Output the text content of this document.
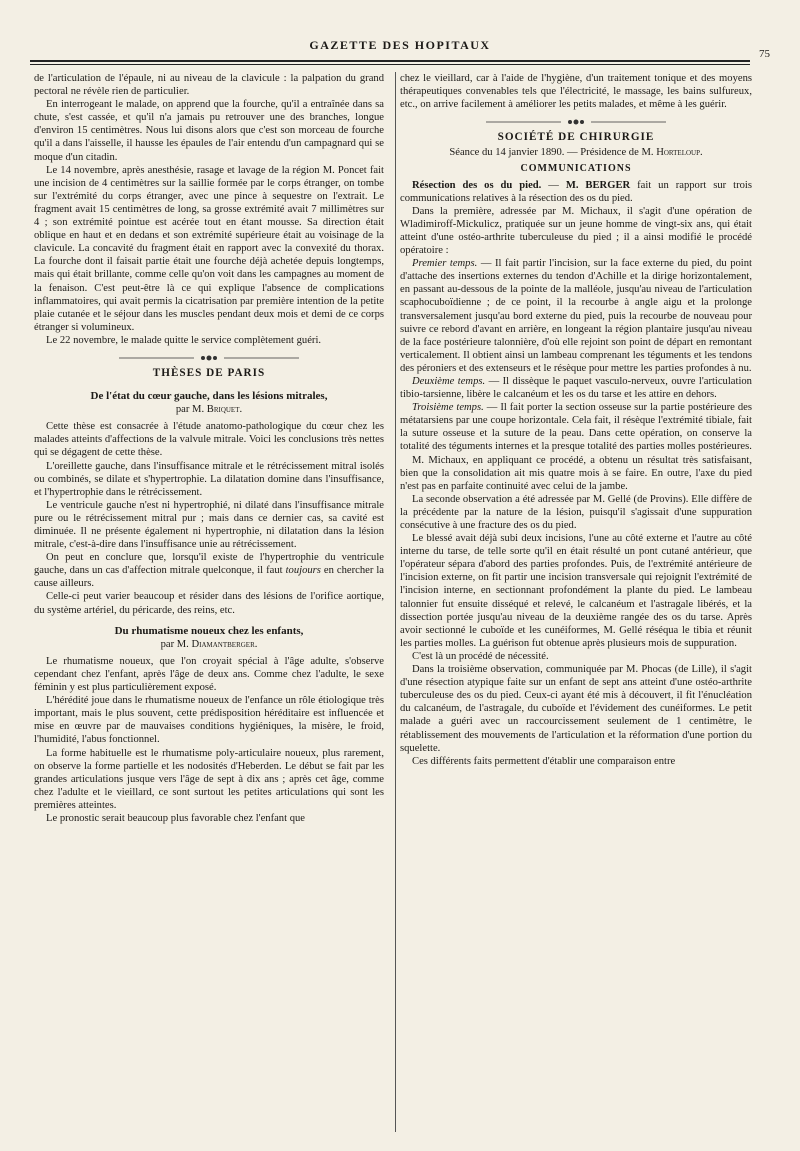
GAZETTE DES HOPITAUX
75

de l'articulation de l'épaule, ni au niveau de la clavicule : la palpation du grand pectoral ne révèle rien de particulier.

En interrogeant le malade, on apprend que la fourche, qu'il a entraînée dans sa chute, s'est cassée, et qu'il n'a jamais pu retrouver une des branches, longue d'environ 15 centimètres. Nous lui disons alors que c'est son morceau de fourche qu'il a dans l'aisselle, il hausse les épaules de l'air entendu d'un campagnard qui se moque d'un citadin.

Le 14 novembre, après anesthésie, rasage et lavage de la région M. Poncet fait une incision de 4 centimètres sur la saillie formée par le corps étranger, on tombe sur l'extrémité du corps étranger, avec une pince à sequestre on l'extrait. Le fragment avait 15 centimètres de long, sa grosse extrémité avait 7 millimètres sur 4 ; son extrémité pointue est acérée tout en étant mousse. Sa direction était oblique en haut et en dedans et son extrémité supérieure était au voisinage de la clavicule. La concavité du fragment était en rapport avec la convexité du thorax. La fourche dont il faisait partie était une fourche déjà achetée depuis longtemps, mais qui était brillante, comme celle qu'on voit dans les campagnes au moment de la fenaison. C'est peut-être là ce qui explique l'absence de complications inflammatoires, qui avait permis la cicatrisation par première intention de la petite plaie cutanée et le séjour dans les muscles pendant deux mois et demi de ce corps étranger si volumineux.

Le 22 novembre, le malade quitte le service complètement guéri.

THÈSES DE PARIS
De l'état du cœur gauche, dans les lésions mitrales,
par M. Briquet.

Cette thèse est consacrée à l'étude anatomo-pathologique du cœur chez les malades atteints d'affections de la valvule mitrale. Voici les conclusions très nettes qui se dégagent de cette thèse.

L'oreillette gauche, dans l'insuffisance mitrale et le rétrécissement mitral isolés ou combinés, se dilate et s'hypertrophie. La dilatation domine dans l'insuffisance, et l'hypertrophie dans le rétrécissement.

Le ventricule gauche n'est ni hypertrophié, ni dilaté dans l'insuffisance mitrale pure ou le rétrécissement mitral pur ; mais dans ce dernier cas, sa cavité est diminuée. Il ne présente également ni hypertrophie, ni dilatation dans la lésion mitrale, c'est-à-dire dans l'insuffisance unie au rétrécissement.

On peut en conclure que, lorsqu'il existe de l'hypertrophie du ventricule gauche, dans un cas d'affection mitrale quelconque, il faut toujours en chercher la cause ailleurs.

Celle-ci peut varier beaucoup et résider dans des lésions de l'orifice aortique, du système artériel, du péricarde, des reins, etc.

Du rhumatisme noueux chez les enfants,
par M. Diamantberger.

Le rhumatisme noueux, que l'on croyait spécial à l'âge adulte, s'observe cependant chez l'enfant, après l'âge de deux ans. Comme chez l'adulte, le sexe féminin y est plus particulièrement exposé.

L'hérédité joue dans le rhumatisme noueux de l'enfance un rôle étiologique très important, mais le plus souvent, cette prédisposition héréditaire est influencée et mise en œuvre par de mauvaises conditions hygiéniques, la misère, le froid, l'humidité, l'abus fonctionnel.

La forme habituelle est le rhumatisme poly-articulaire noueux, plus rarement, on observe la forme partielle et les nodosités d'Heberden. Le début se fait par les grandes articulations jusque vers l'âge de sept à dix ans ; après cet âge, comme chez l'adulte et le vieillard, ce sont surtout les petites articulations qui sont les premières atteintes.

Le pronostic serait beaucoup plus favorable chez l'enfant que

chez le vieillard, car à l'aide de l'hygiène, d'un traitement tonique et des moyens thérapeutiques convenables tels que l'électricité, le massage, les bains sulfureux, etc., on arrive facilement à améliorer les petits malades, et même à les guérir.

SOCIÉTÉ DE CHIRURGIE
Séance du 14 janvier 1890. — Présidence de M. Horteloup.
COMMUNICATIONS

Résection des os du pied. — M. BERGER fait un rapport sur trois communications relatives à la résection des os du pied.

Dans la première, adressée par M. Michaux, il s'agit d'une opération de Wladimiroff-Mickulicz, pratiquée sur un jeune homme de vingt-six ans, qui était atteint d'une ostéo-arthrite tuberculeuse du pied ; il a ainsi modifié le procédé opératoire :

Premier temps. — Il fait partir l'incision, sur la face externe du pied, du point d'attache des insertions externes du tendon d'Achille et la dirige horizontalement, en passant au-dessous de la pointe de la malléole, jusqu'au niveau de l'articulation scaphocuboïdienne ; de ce point, il la recourbe à angle aigu et la prolonge transversalement jusqu'au bord externe du pied, puis la recourbe de nouveau pour suivre ce rebord d'avant en arrière, en longeant la région plantaire jusqu'au niveau de la face postérieure talonnière, d'où elle rejoint son point de départ en remontant verticalement. Il obtient ainsi un lambeau comprenant les téguments et les tendons des péroniers et des extenseurs et le résèque pour mettre les parties profondes à nu.

Deuxième temps. — Il dissèque le paquet vasculo-nerveux, ouvre l'articulation tibio-tarsienne, libère le calcanéum et les os du tarse et les attire en dehors.

Troisième temps. — Il fait porter la section osseuse sur la partie postérieure des métatarsiens par une coupe horizontale. Cela fait, il résèque l'extrémité tibiale, fait la suture osseuse et la suture de la peau. Dans cette opération, on conserve la totalité des téguments internes et la presque totalité des parties molles postérieures.

M. Michaux, en appliquant ce procédé, a obtenu un résultat très satisfaisant, bien que la consolidation ait mis quatre mois à se faire. En outre, l'axe du pied n'est pas en parfaite continuité avec celui de la jambe.

La seconde observation a été adressée par M. Gellé (de Provins). Elle diffère de la précédente par la nature de la lésion, puisqu'il s'agissait d'une suppuration consécutive à une fracture des os du pied.

Le blessé avait déjà subi deux incisions, l'une au côté externe et l'autre au côté interne du tarse, de telle sorte qu'il en était résulté un pont cutané antérieur, que l'opérateur sépara d'abord des parties profondes. Puis, de l'extrémité antérieure de l'incision externe, on fit partir une incision transversale qui rejoignit l'extrémité de l'incision interne, en sectionnant profondément la plante du pied. Le lambeau talonnier fut ensuite disséqué et relevé, le calcanéum et l'astragale libérés, et la dissection portée jusqu'au niveau de la deuxième rangée des os du tarse. Après avoir sectionné le cuboïde et les cunéiformes, M. Gellé réséqua le tibia et réunit les parties molles. La guérison fut obtenue après plusieurs mois de suppuration.

C'est là un procédé de nécessité.

Dans la troisième observation, communiquée par M. Phocas (de Lille), il s'agit d'une résection atypique faite sur un enfant de sept ans atteint d'une ostéo-arthrite tuberculeuse des os du pied. Ceux-ci ayant été mis à découvert, il fit l'énucléation du calcanéum, de l'astragale, du cuboïde et l'évidement des cunéiformes. Le petit malade a guéri avec un raccourcissement seulement de 1 centimètre, le rétablissement des mouvements de l'articulation et la réformation d'une portion du squelette.

Ces différents faits permettent d'établir une comparaison entre
